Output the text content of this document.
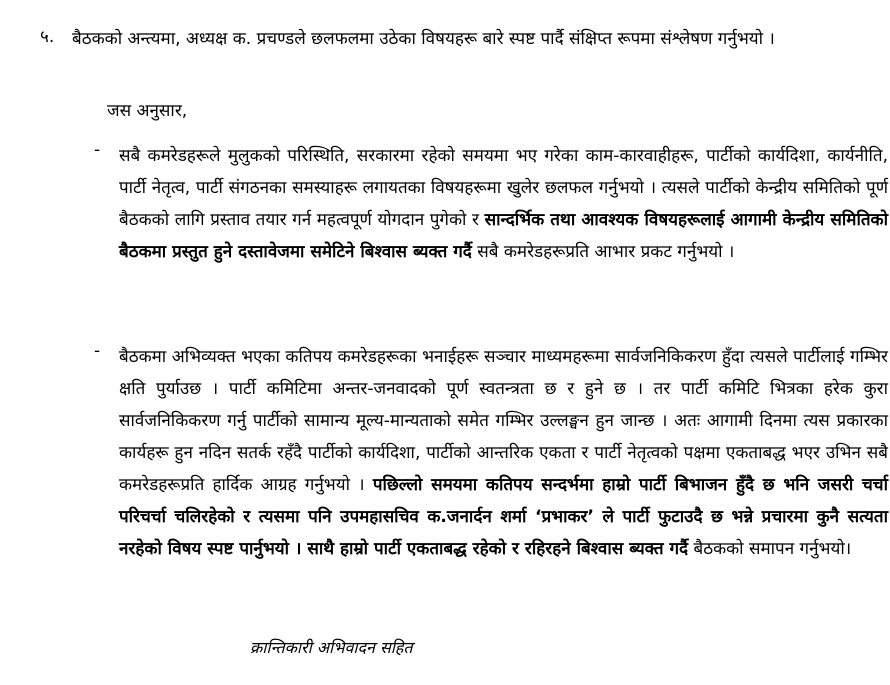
५. बैठकको अन्त्यमा, अध्यक्ष क. प्रचण्डले छलफलमा उठेका विषयहरू बारे स्पष्ट पार्दै संक्षिप्त रूपमा संश्लेषण गर्नुभयो ।
जस अनुसार,
- सबै कमरेडहरूले मुलुकको परिस्थिति, सरकारमा रहेको समयमा भए गरेका काम-कारवाहीहरू, पार्टीको कार्यदिशा, कार्यनीति, पार्टी नेतृत्व, पार्टी संगठनका समस्याहरू लगायतका विषयहरूमा खुलेर छलफल गर्नुभयो । त्यसले पार्टीको केन्द्रीय समितिको पूर्ण बैठकको लागि प्रस्ताव तयार गर्न महत्वपूर्ण योगदान पुगेको र सान्दर्भिक तथा आवश्यक विषयहरूलाई आगामी केन्द्रीय समितिको बैठकमा प्रस्तुत हुने दस्तावेजमा समेटिने बिश्वास ब्यक्त गर्दै सबै कमरेडहरूप्रति आभार प्रकट गर्नुभयो ।
- बैठकमा अभिव्यक्त भएका कतिपय कमरेडहरूका भनाईहरू सञ्चार माध्यमहरूमा सार्वजनिकिकरण हुँदा त्यसले पार्टीलाई गम्भिर क्षति पुर्याउछ । पार्टी कमिटिमा अन्तर-जनवादको पूर्ण स्वतन्त्रता छ र हुने छ । तर पार्टी कमिटि भित्रका हरेक कुरा सार्वजनिकिकरण गर्नु पार्टीको सामान्य मूल्य-मान्यताको समेत गम्भिर उल्लङ्घन हुन जान्छ । अतः आगामी दिनमा त्यस प्रकारका कार्यहरू हुन नदिन सतर्क रहँदै पार्टीको कार्यदिशा, पार्टीको आन्तरिक एकता र पार्टी नेतृत्वको पक्षमा एकताबद्ध भएर उभिन सबै कमरेडहरूप्रति हार्दिक आग्रह गर्नुभयो । पछिल्लो समयमा कतिपय सन्दर्भमा हाम्रो पार्टी बिभाजन हुँदै छ भनि जसरी चर्चा परिचर्चा चलिरहेको र त्यसमा पनि उपमहासचिव क.जनार्दन शर्मा ‘प्रभाकर’ ले पार्टी फुटाउदै छ भन्ने प्रचारमा कुनै सत्यता नरहेको विषय स्पष्ट पार्नुभयो । साथै हाम्रो पार्टी एकताबद्ध रहेको र रहिरहने बिश्वास ब्यक्त गर्दै बैठकको समापन गर्नुभयो।
क्रान्तिकारी अभिवादन सहित
